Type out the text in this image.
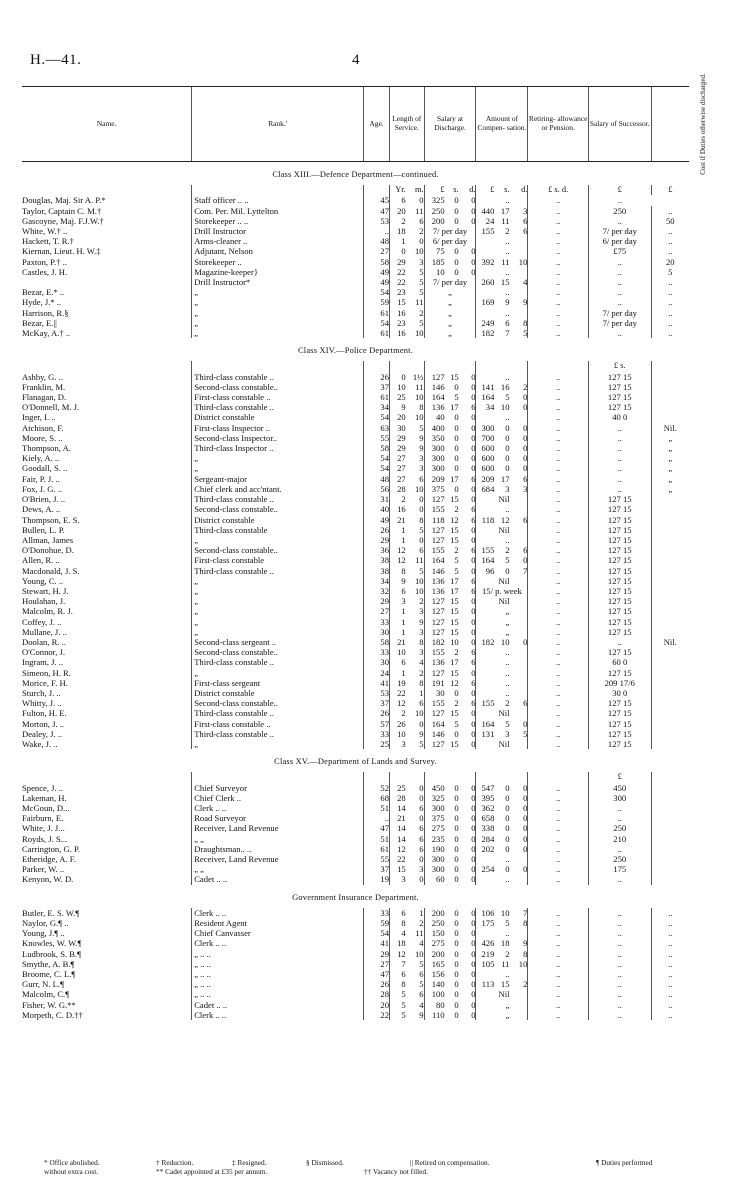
H.—41.	4
Name.	Rank.'	Age.	Length of Service.		Salary at Discharge.			Amount of Compen- sation.			Retiring- allowance or Pension.	Salary of Successor.	Cost if Duties otherwise discharged.
Class XIII.—Defence Department—continued.													
			Yr.	m.	£	s.	d.	£	s.	d.	£ s. d.	£	£
Douglas, Maj. Sir A. P.*	Staff officer .. ..	45	6	0	325	0	0		..		..	..	
Taylor, Captain C. M.†	Com. Per. Mil. Lyttelton	47	20	11	250	0	0	440	17	3	..	250	..
Gascoyne, Maj. F.J.W.†	Storekeeper .. ..	53	2	6	200	0	0	24	11	6	..	..	50
White, W.† ..	Drill Instructor	..	18	2	7/ per day			155	2	6	..	7/ per day	..
Hackett, T. R.†	Arms-cleaner ..	48	1	0	6/ per day				..		..	6/ per day	..
Kiernan, Lieut. H. W.‡	Adjutant, Nelson	27	0	10	75	0	0		..		..	£75	..
Paxton, P.† ..	Storekeeper ..	58	29	3	185	0	0	392	11	10	..	..	20
Castles, J. H.	Magazine-keeper}	49	22	5	10	0	0		..		..	..	5
	Drill Instructor*	49	22	5	7/ per day			260	15	4	..	..	..
Bezar, E.* ..	„	54	23	5	„				..		..	..	..
Hyde, J.* ..	„	59	15	11	„			169	9	9	..	..	..
Harrison, R.§	„	61	16	2	„				..		..	7/ per day	..
Bezar, E.||	„	54	23	5	„			249	6	8	..	7/ per day	..
McKay, A.† ..	„	61	16	10	„			182	7	5	..	..	..
Class XIV.—Police Department.													
												£ s.	
Ashby, G. ..	Third-class constable ..	26	0	1½	127	15	0		..		..	127 15	
Franklin, M.	Second-class constable..	37	10	11	146	0	0	141	16	2	..	127 15	
Flanagan, D.	First-class constable ..	61	25	10	164	5	0	164	5	0	..	127 15	
O'Donnell, M. J.	Third-class constable ..	34	9	8	136	17	6	34	10	0	..	127 15	
Inger, I. ..	District constable	54	20	10	40	0	0		..		..	40 0	
Atchison, F.	First-class Inspector ..	63	30	5	400	0	0	300	0	0	..	..	Nil.
Moore, S. ..	Second-class Inspector..	55	29	9	350	0	0	700	0	0	..	..	„
Thompson, A.	Third-class Inspector ..	58	29	9	300	0	0	600	0	0	..	..	„
Kiely, A. ..	„	54	27	3	300	0	0	600	0	0	..	..	„
Goodall, S. ..	„	54	27	3	300	0	0	600	0	0	..	..	„
Fair, P. J. ..	Sergeant-major	48	27	6	209	17	6	209	17	6	..	..	„
Fox, J. G. ..	Chief clerk and acc'ntant.	56	28	10	375	0	0	684	3	3	..	..	„
O'Brien, J. ..	Third-class constable ..	31	2	0	127	15	0		Nil		..	127 15	
Dews, A. ..	Second-class constable..	40	16	0	155	2	6		..		..	127 15	
Thompson, E. S.	District constable	49	21	8	118	12	6	118	12	6	..	127 15	
Bullen, L. P.	Third-class constable	26	1	5	127	15	0		Nil		..	127 15	
Allman, James	„	29	1	0	127	15	0		..		..	127 15	
O'Donohue, D.	Second-class constable..	36	12	6	155	2	6	155	2	6	..	127 15	
Allen, R. ..	First-class constable	38	12	11	164	5	0	164	5	0	..	127 15	
Macdonald, J. S.	Third-class constable ..	38	8	5	146	5	0	96	0	7	..	127 15	
Young, C. ..	„	34	9	10	136	17	6		Nil		..	127 15	
Stewart, H. J.	„	32	6	10	136	17	6	15/ p. week			..	127 15	
Houlahan, J.	„	29	3	2	127	15	0		Nil		..	127 15	
Malcolm, R. J.	„	27	1	3	127	15	0		„		..	127 15	
Coffey, J. ..	„	33	1	9	127	15	0		„		..	127 15	
Mullane, J. ..	„	30	1	3	127	15	0		„		..	127 15	
Doolan, R. ..	Second-class sergeant ..	58	21	8	182	10	0	182	10	0	..	..	Nil.
O'Connor, J.	Second-class constable..	33	10	3	155	2	6		..		..	127 15	
Ingram, J. ..	Third-class constable ..	30	6	4	136	17	6		..		..	60 0	
Simeon, H. R.	„	24	1	2	127	15	0		..		..	127 15	
Morice, F. H.	First-class sergeant	41	19	8	191	12	6		..		..	209 17/6	
Sturch, J. ..	District constable	53	22	1	30	0	0		..		..	30 0	
Whitty, J. ..	Second-class constable..	37	12	6	155	2	6	155	2	6	..	127 15	
Fulton, H. E.	Third-class constable ..	26	2	10	127	15	0		Nil		..	127 15	
Morton, J. ..	First-class constable ..	57	26	0	164	5	0	164	5	0	..	127 15	
Dealey, J. ..	Third-class constable ..	33	10	9	146	0	0	131	3	5	..	127 15	
Wake, J. ..	„	25	3	5	127	15	0		Nil		..	127 15	
Class XV.—Department of Lands and Survey.													
												£	
Spence, J. ..	Chief Surveyor	52	25	0	450	0	0	547	0	0	..	450	
Lakeman, H.	Chief Clerk ..	68	28	0	325	0	0	395	0	0	..	300	
McGoun, D...	Clerk .. ..	51	14	6	300	0	0	362	0	0	..	..	
Fairburn, E.	Road Surveyor	..	21	0	375	0	0	658	0	0	..	..	
White, J. J...	Receiver, Land Revenue	47	14	6	275	0	0	338	0	0	..	250	
Royds, J. S...	„ „	51	14	6	235	0	0	284	0	0	..	210	
Carrington, G. P.	Draughtsman.. ..	61	12	6	190	0	0	202	0	0	..	..	
Etheridge, A. F.	Receiver, Land Revenue	55	22	0	300	0	0		..		..	250	
Parker, W. ..	„ „	37	15	3	300	0	0	254	0	0	..	175	
Kenyon, W. D.	Cadet .. ..	19	3	0	60	0	0		..		..	..	
Government Insurance Department.													
Butler, E. S. W.¶	Clerk .. ..	33	6	1	200	0	0	106	10	7	..	..	..
Naylor, G.¶ ..	Resident Agent	59	8	2	250	0	0	175	5	8	..	..	..
Young, J.¶ ..	Chief Canvasser	54	4	11	150	0	0		..		..	..	..
Knowles, W. W.¶	Clerk .. ..	41	18	4	275	0	0	426	18	9	..	..	..
Ludbrook, S. B.¶	„ .. ..	29	12	10	200	0	0	219	2	8	..	..	..
Smythe, A. B.¶	„ .. ..	27	7	5	165	0	0	105	11	10	..	..	..
Broome, C. L.¶	„ .. ..	47	6	6	156	0	0		..		..	..	..
Gurr, N. L.¶	„ .. ..	26	8	5	140	0	0	113	15	2	..	..	..
Malcolm, C.¶	„ .. ..	28	5	6	100	0	0		Nil		..	..	..
Fisher, W. G.**	Cadet .. ..	20	5	4	80	0	0		„		..	..	..
Morpeth, C. D.††	Clerk .. ..	22	5	9	110	0	0		„		..	..	..
* Office abolished.
without extra cost.
† Reduction.	‡ Resigned.	§ Dismissed.	|| Retired on compensation.	¶ Duties performed
** Cadet appointed at £35 per annum.	†† Vacancy not filled.
